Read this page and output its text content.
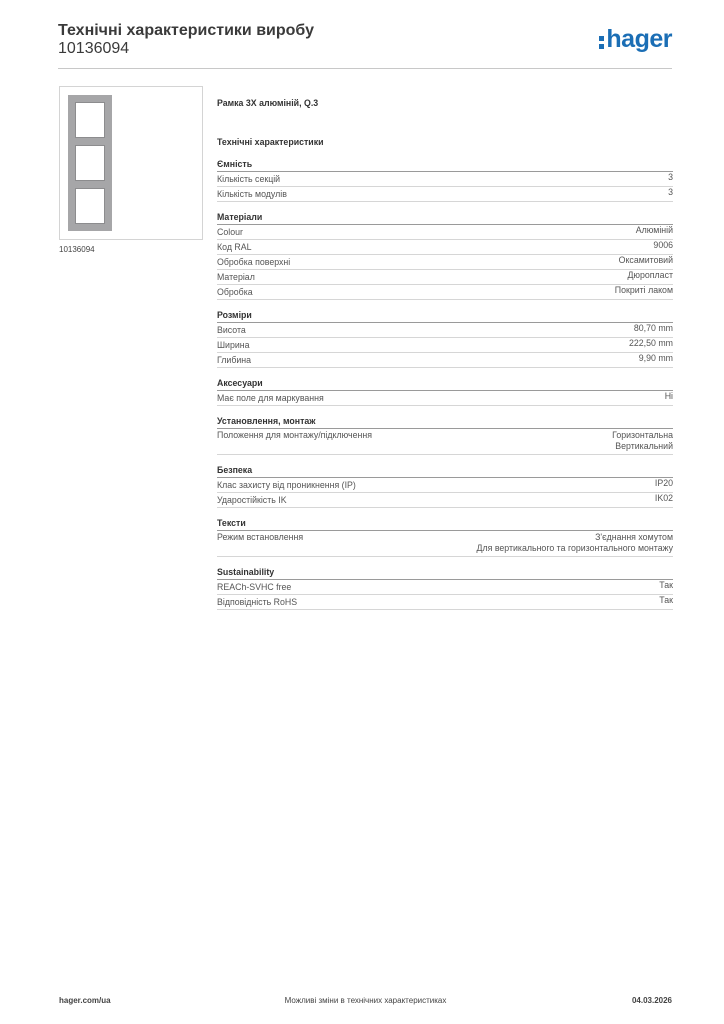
Технічні характеристики виробу
10136094	hager
10136094
Рамка 3X алюміній, Q.3
Технічні характеристики
Ємність
Кількість секцій	3
Кількість модулів	3
Матеріали
Colour	Алюміній
Код RAL	9006
Обробка поверхні	Оксамитовий
Матеріал	Дюропласт
Обробка	Покриті лаком
Розміри
Висота	80,70 mm
Ширина	222,50 mm
Глибина	9,90 mm
Аксесуари
Має поле для маркування	Ні
Установлення, монтаж
Положення для монтажу/підключення	Горизонтальна
Вертикальний
Безпека
Клас захисту від проникнення (IP)	IP20
Ударостійкість IK	IK02
Тексти
Режим встановлення	З'єднання хомутом
Для вертикального та горизонтального монтажу
Sustainability
REACh-SVHC free	Так
Відповідність RoHS	Так
hager.com/ua	Можливі зміни в технічних характеристиках	04.03.2026
